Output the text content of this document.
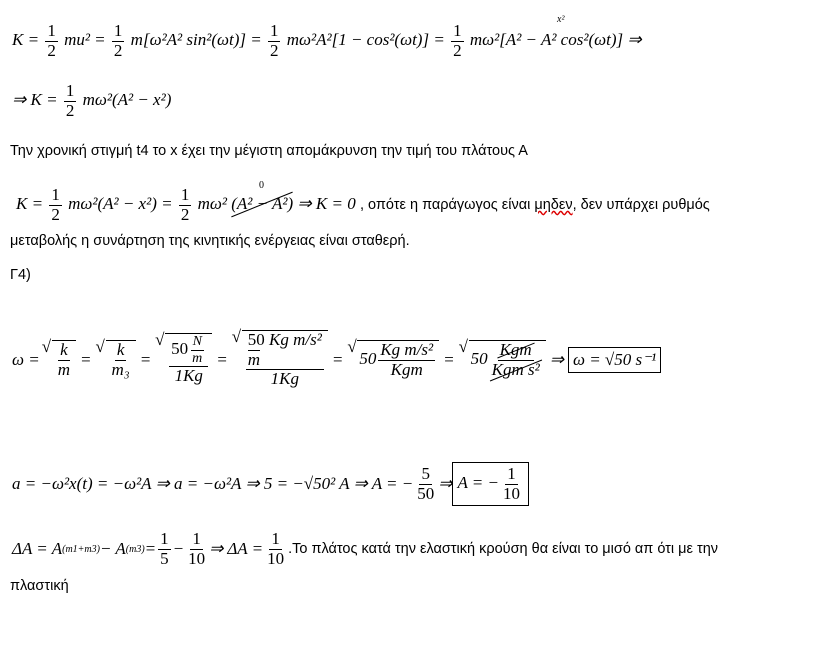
$K = \frac{1}{2} mu^2 = \frac{1}{2} m[\omega^2A^2$ $\sin^2(\omega t)] = \frac{1}{2} m\omega^2A^2[1 - \cos^2(\omega t)] = \frac{1}{2} m\omega^2[A^2 - A^2$ cos²(ωt)] ⇒
x²
⇒ $K = \frac{1}{2} m\omega^2(A^2 - x^2)$
Την χρονική στιγμή t4 το x έχει την μέγιστη απομάκρυνση την τιμή του πλάτους Α
$K = \frac{1}{2} m\omega^2(A^2 - x^2) = \frac{1}{2} m\omega^2$ (A² − A²) ⇒ K = 0 , οπότε η παράγωγος είναι μηδεν, δεν υπάρχει ρυθμός
0
μεταβολής η συνάρτηση της κινητικής ενέργειας είναι σταθερή.
Γ4)
ω = √ $\frac{k}{m}$ = √ $\frac{k}{\text{m₃}}$ = √ $\frac{50 \frac{N}{m}}{1Kg}$ =
√ 50 Kg m/s²
m
1Kg
= √ $50 \frac{\text{Kg m/s²}}{\text{Kgm}}$ = √ $50 \frac{\text{Kgm}}{\text{Kgm s²}}$ ⇒ ω = √50 s⁻¹
a = −ω²x(t) = −ω²A ⇒ a = −ω²A ⇒ 5 = −√50² A ⇒ A = − $\frac{5}{50}$ ⇒ A = − $\frac{1}{10}$
ΔA = A (m1+m3) − A $(m3) = \frac{1}{5} - \frac{1}{10}$ ⇒ $\Delta A = \frac{1}{10} .To$ πλάτος κατά την ελαστική κρούση θα είναι το μισό απ ότι με την
πλαστική
